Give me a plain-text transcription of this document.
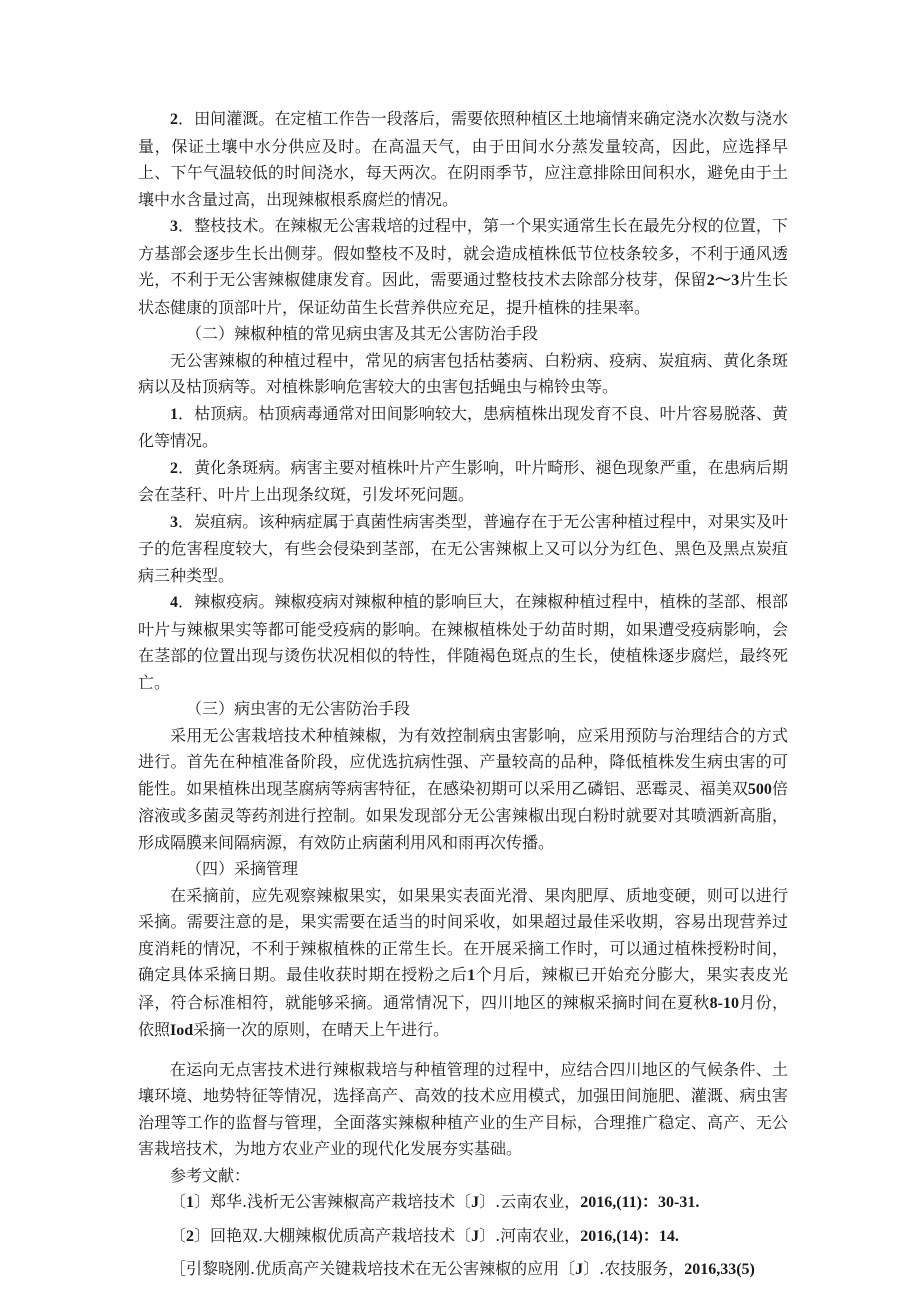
2．田间灌溉。在定植工作告一段落后，需要依照种植区土地墒情来确定浇水次数与浇水量，保证土壤中水分供应及时。在高温天气，由于田间水分蒸发量较高，因此，应选择早上、下午气温较低的时间浇水，每天两次。在阴雨季节，应注意排除田间积水，避免由于土壤中水含量过高，出现辣椒根系腐烂的情况。

3．整枝技术。在辣椒无公害栽培的过程中，第一个果实通常生长在最先分杈的位置，下方基部会逐步生长出侧芽。假如整枝不及时，就会造成植株低节位枝条较多，不利于通风透光，不利于无公害辣椒健康发育。因此，需要通过整枝技术去除部分枝芽，保留2～3片生长状态健康的顶部叶片，保证幼苗生长营养供应充足，提升植株的挂果率。

（二）辣椒种植的常见病虫害及其无公害防治手段

无公害辣椒的种植过程中，常见的病害包括枯萎病、白粉病、疫病、炭疽病、黄化条斑病以及枯顶病等。对植株影响危害较大的虫害包括蝇虫与棉铃虫等。

1．枯顶病。枯顶病毒通常对田间影响较大，患病植株出现发育不良、叶片容易脱落、黄化等情况。

2．黄化条斑病。病害主要对植株叶片产生影响，叶片畸形、褪色现象严重，在患病后期会在茎秆、叶片上出现条纹斑，引发坏死问题。

3．炭疽病。该种病症属于真菌性病害类型，普遍存在于无公害种植过程中，对果实及叶子的危害程度较大，有些会侵染到茎部，在无公害辣椒上又可以分为红色、黑色及黑点炭疽病三种类型。

4．辣椒疫病。辣椒疫病对辣椒种植的影响巨大，在辣椒种植过程中，植株的茎部、根部叶片与辣椒果实等都可能受疫病的影响。在辣椒植株处于幼苗时期，如果遭受疫病影响，会在茎部的位置出现与烫伤状况相似的特性，伴随褐色斑点的生长，使植株逐步腐烂，最终死亡。

（三）病虫害的无公害防治手段

采用无公害栽培技术种植辣椒，为有效控制病虫害影响，应采用预防与治理结合的方式进行。首先在种植准备阶段，应优选抗病性强、产量较高的品种，降低植株发生病虫害的可能性。如果植株出现茎腐病等病害特征，在感染初期可以采用乙磷铝、恶霉灵、福美双500倍溶液或多菌灵等药剂进行控制。如果发现部分无公害辣椒出现白粉时就要对其喷洒新高脂，形成隔膜来间隔病源，有效防止病菌利用风和雨再次传播。

（四）采摘管理

在采摘前，应先观察辣椒果实，如果果实表面光滑、果肉肥厚、质地变硬，则可以进行采摘。需要注意的是，果实需要在适当的时间采收，如果超过最佳采收期，容易出现营养过度消耗的情况，不利于辣椒植株的正常生长。在开展采摘工作时，可以通过植株授粉时间，确定具体采摘日期。最佳收获时期在授粉之后1个月后，辣椒已开始充分膨大，果实表皮光泽，符合标准相符，就能够采摘。通常情况下，四川地区的辣椒采摘时间在夏秋8-10月份，依照Iod采摘一次的原则，在晴天上午进行。

在运向无点害技术进行辣椒栽培与种植管理的过程中，应结合四川地区的气候条件、土壤环境、地势特征等情况，选择高产、高效的技术应用模式，加强田间施肥、灌溉、病虫害治理等工作的监督与管理，全面落实辣椒种植产业的生产目标，合理推广稳定、高产、无公害栽培技术，为地方农业产业的现代化发展夯实基础。

参考文献：

〔1〕郑华.浅析无公害辣椒高产栽培技术〔J〕.云南农业，2016,(11)：30-31.

〔2〕回艳双.大棚辣椒优质高产栽培技术〔J〕.河南农业，2016,(14)：14.

［引黎晓刚.优质高产关键栽培技术在无公害辣椒的应用〔J〕.农技服务，2016,33(5)
